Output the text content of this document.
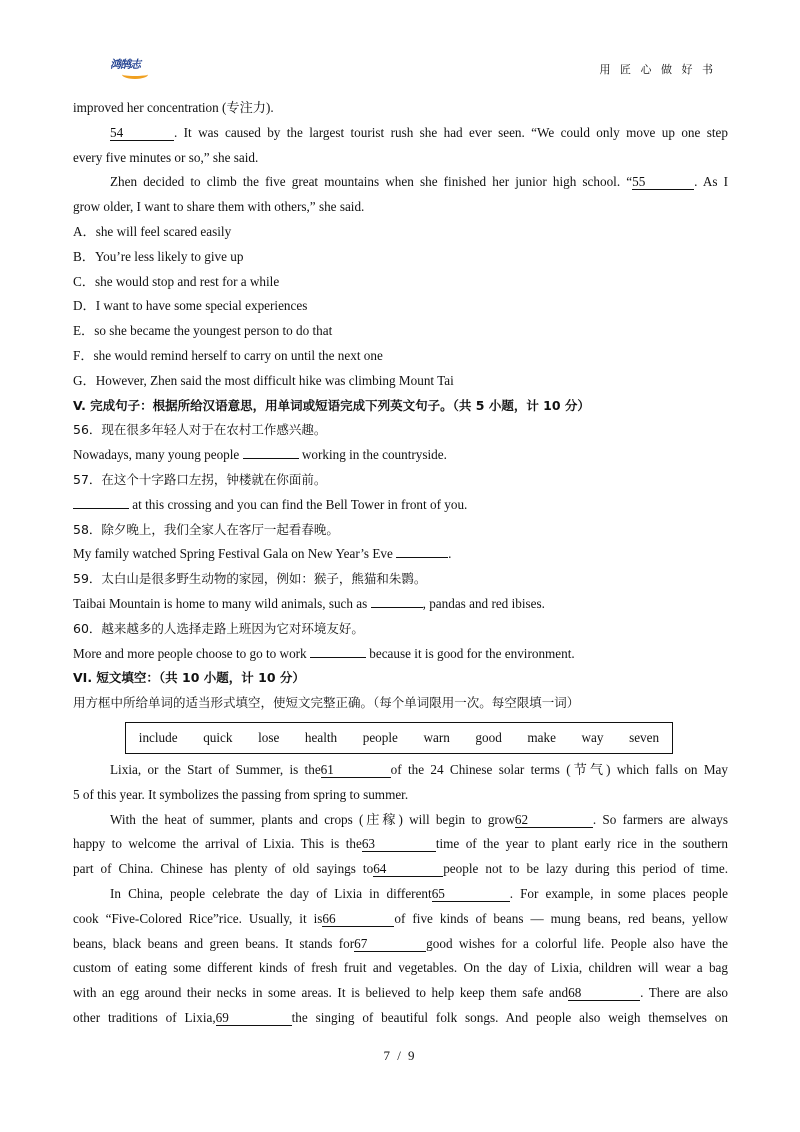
鸿鹄志	用 匠 心 做 好 书
improved her concentration (专注力).
54	. It was caused by the largest tourist rush she had ever seen. “We could only move up one step
every five minutes or so,” she said.
Zhen decided to climb the five great mountains when she finished her junior high school. “55	. As I
grow older, I want to share them with others,” she said.
A．she will feel scared easily
B．You’re less likely to give up
C．she would stop and rest for a while
D．I want to have some special experiences
E．so she became the youngest person to do that
F．she would remind herself to carry on until the next one
G．However, Zhen said the most difficult hike was climbing Mount Tai
V. 完成句子：根据所给汉语意思，用单词或短语完成下列英文句子。（共 5 小题，计 10 分）
56．现在很多年轻人对于在农村工作感兴趣。
Nowadays, many young people	working in the countryside.
57．在这个十字路口左拐，钟楼就在你面前。
at this crossing and you can find the Bell Tower in front of you.
58．除夕晚上，我们全家人在客厅一起看春晚。
My family watched Spring Festival Gala on New Year’s Eve	.
59．太白山是很多野生动物的家园，例如：猴子，熊猫和朱鹮。
Taibai Mountain is home to many wild animals, such as	, pandas and red ibises.
60．越来越多的人选择走路上班因为它对环境友好。
More and more people choose to go to work	because it is good for the environment.
VI. 短文填空：（共 10 小题，计 10 分）
用方框中所给单词的适当形式填空，使短文完整正确。（每个单词限用一次。每空限填一词）
include quick lose health people warn good make way seven
Lixia, or the Start of Summer, is the61	of the 24 Chinese solar terms (节气) which falls on May
5 of this year. It symbolizes the passing from spring to summer.
With the heat of summer, plants and crops (庄稼) will begin to grow62	. So farmers are always
happy to welcome the arrival of Lixia. This is the63	time of the year to plant early rice in the southern
part of China. Chinese has plenty of old sayings to64	people not to be lazy during this period of time.
In China, people celebrate the day of Lixia in different65	. For example, in some places people
cook “Five-Colored Rice”rice. Usually, it is66	of five kinds of beans — mung beans, red beans, yellow
beans, black beans and green beans. It stands for67	good wishes for a colorful life. People also have the
custom of eating some different kinds of fresh fruit and vegetables. On the day of Lixia, children will wear a bag
with an egg around their necks in some areas. It is believed to help keep them safe and68	. There are also
other traditions of Lixia,69	the singing of beautiful folk songs. And people also weigh themselves on
7 / 9
